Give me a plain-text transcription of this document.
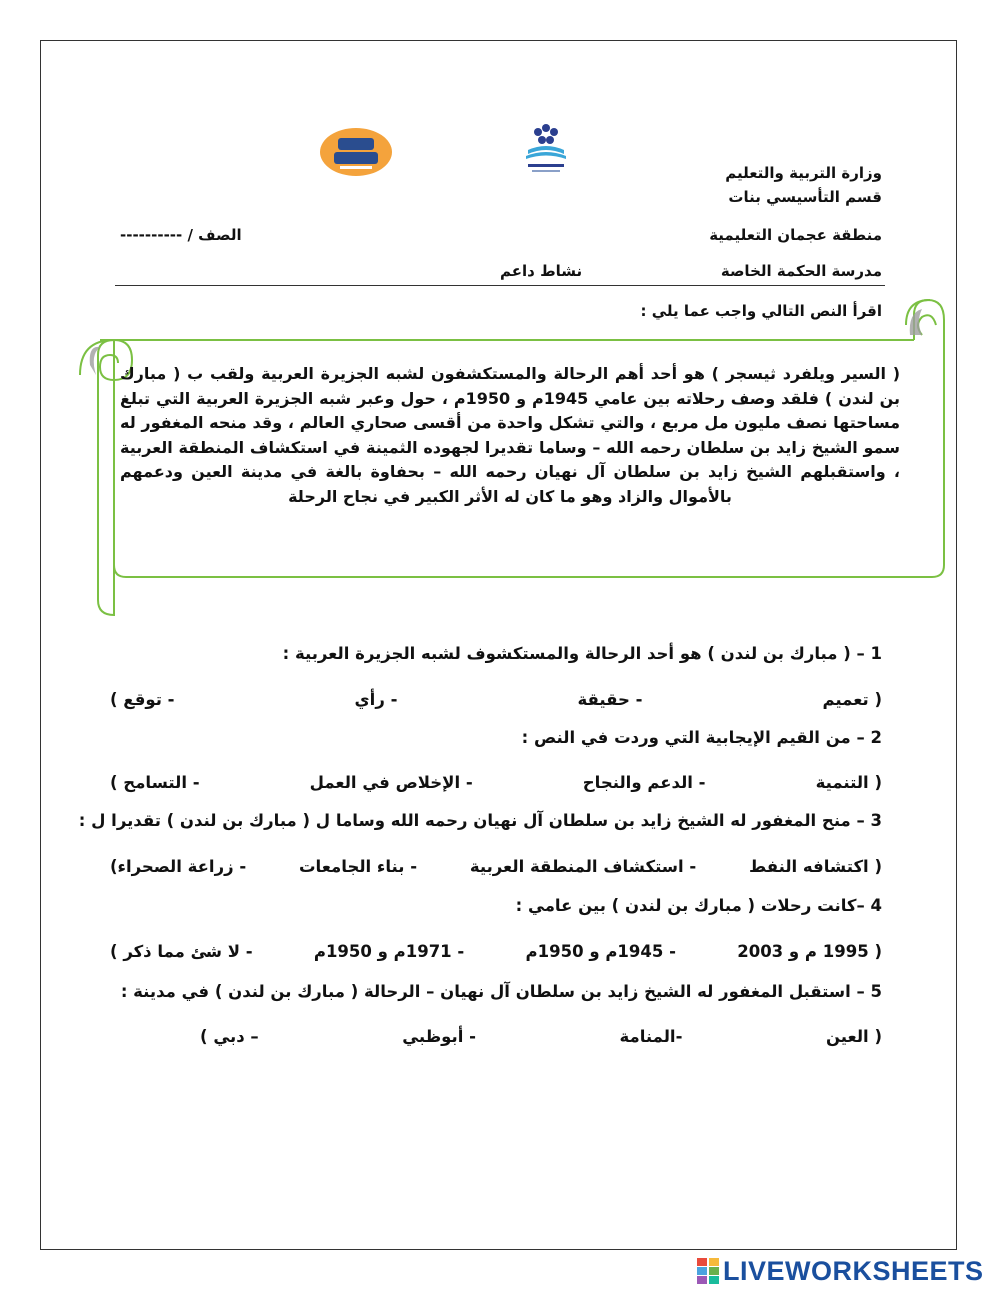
وزارة التربية والتعليم
قسم التأسيسي بنات
منطقة عجمان التعليمية
الصف / ----------
مدرسة الحكمة الخاصة
نشاط داعم
اقرأ النص التالي واجب عما يلي :
( السير ويلفرد ثيسجر ) هو أحد أهم الرحالة والمستكشفون لشبه الجزيرة العربية ولقب ب ( مبارك بن لندن ) فلقد وصف رحلاته بين عامي 1945م و 1950م ، حول وعبر شبه الجزيرة العربية التي تبلغ مساحتها نصف مليون مل مربع ، والتي تشكل واحدة من أقسى صحاري العالم ، وقد منحه المغفور له سمو الشيخ زايد بن سلطان رحمه الله – وساما تقديرا لجهوده الثمينة في استكشاف المنطقة العربية ، واستقبلهم الشيخ زايد بن سلطان آل نهيان رحمه الله – بحفاوة بالغة في مدينة العين ودعمهم بالأموال والزاد وهو ما كان له الأثر الكبير في نجاح الرحلة
1 – ( مبارك بن لندن ) هو أحد الرحالة والمستكشوف لشبه الجزيرة العربية :
( تعميم
- حقيقة
- رأي
- توقع )
2 – من القيم الإيجابية التي وردت في النص :
( التنمية
- الدعم والنجاح
- الإخلاص في العمل
- التسامح )
3 – منح المغفور له الشيخ زايد بن سلطان آل نهيان رحمه الله وساما ل ( مبارك بن لندن ) تقديرا ل :
( اكتشافه النفط
- استكشاف المنطقة العربية
- بناء الجامعات
- زراعة الصحراء)
4 –كانت رحلات ( مبارك بن لندن ) بين عامي :
( 1995 م و 2003
- 1945م و 1950م
- 1971م و 1950م
- لا شئ مما ذكر )
5 – استقبل المغفور له الشيخ زايد بن سلطان آل نهيان – الرحالة ( مبارك بن لندن ) في مدينة :
( العين
-المنامة
- أبوظبي
– دبي )
LIVEWORKSHEETS
